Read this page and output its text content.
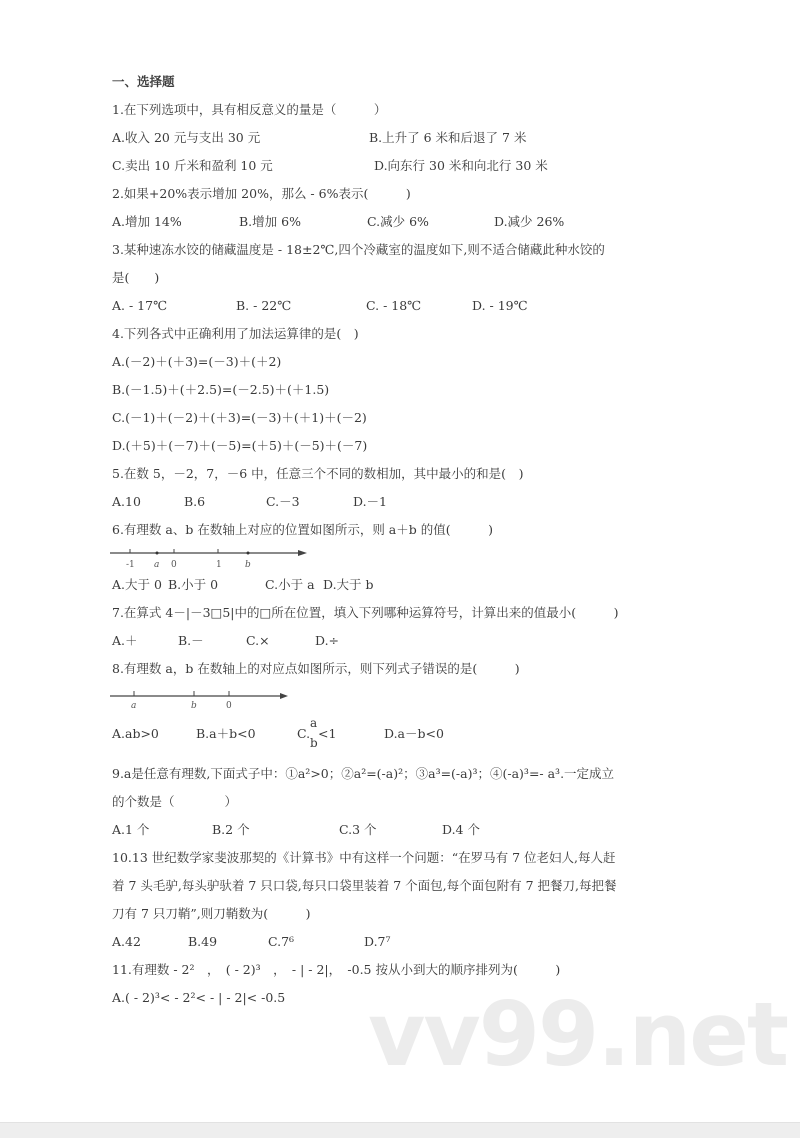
一、选择题
1.在下列选项中，具有相反意义的量是（　　　）
A.收入 20 元与支出 30 元	B.上升了 6 米和后退了 7 米
C.卖出 10 斤米和盈利 10 元	D.向东行 30 米和向北行 30 米
2.如果+20%表示增加 20%，那么 - 6%表示(　　　)
A.增加 14%	B.增加 6%	C.减少 6%	D.减少 26%
3.某种速冻水饺的储藏温度是 - 18±2℃,四个冷藏室的温度如下,则不适合储藏此种水饺的
是(　　)
A. - 17℃	B. - 22℃	C. - 18℃	D. - 19℃
4.下列各式中正确利用了加法运算律的是(　)
A.(－2)＋(＋3)=(－3)＋(＋2)
B.(－1.5)＋(＋2.5)=(－2.5)＋(＋1.5)
C.(－1)＋(－2)＋(＋3)=(－3)＋(＋1)＋(－2)
D.(＋5)＋(－7)＋(－5)=(＋5)＋(－5)＋(－7)
5.在数 5，－2，7，－6 中，任意三个不同的数相加，其中最小的和是(　)
A.10	B.6	C.－3	D.－1
6.有理数 a、b 在数轴上对应的位置如图所示，则 a＋b 的值(　　　)
-1 a 0	1	b
A.大于 0 B.小于 0	C.小于 a D.大于 b
7.在算式 4－|－3□5|中的□所在位置，填入下列哪种运算符号，计算出来的值最小(　　　)
A.＋	B.－	C.×	D.÷
8.有理数 a，b 在数轴上的对应点如图所示，则下列式子错误的是(　　　)
a	b	0
A.ab>0	B.a＋b<0	C.
a
b
<1	D.a－b<0
9.a是任意有理数,下面式子中：①a²>0；②a²=(-a)²；③a³=(-a)³；④(-a)³=- a³.一定成立
的个数是（　　　　）
A.1 个	B.2 个	C.3 个	D.4 个
10.13 世纪数学家斐波那契的《计算书》中有这样一个问题：“在罗马有 7 位老妇人,每人赶
着 7 头毛驴,每头驴驮着 7 只口袋,每只口袋里装着 7 个面包,每个面包附有 7 把餐刀,每把餐
刀有 7 只刀鞘”,则刀鞘数为(　　　)
A.42	B.49	C.7⁶	D.7⁷
11.有理数 - 2²　，　( - 2)³　，　- | - 2|，　-0.5 按从小到大的顺序排列为(　　　)
A.( - 2)³< - 2²< - | - 2|< -0.5 vv99.net
